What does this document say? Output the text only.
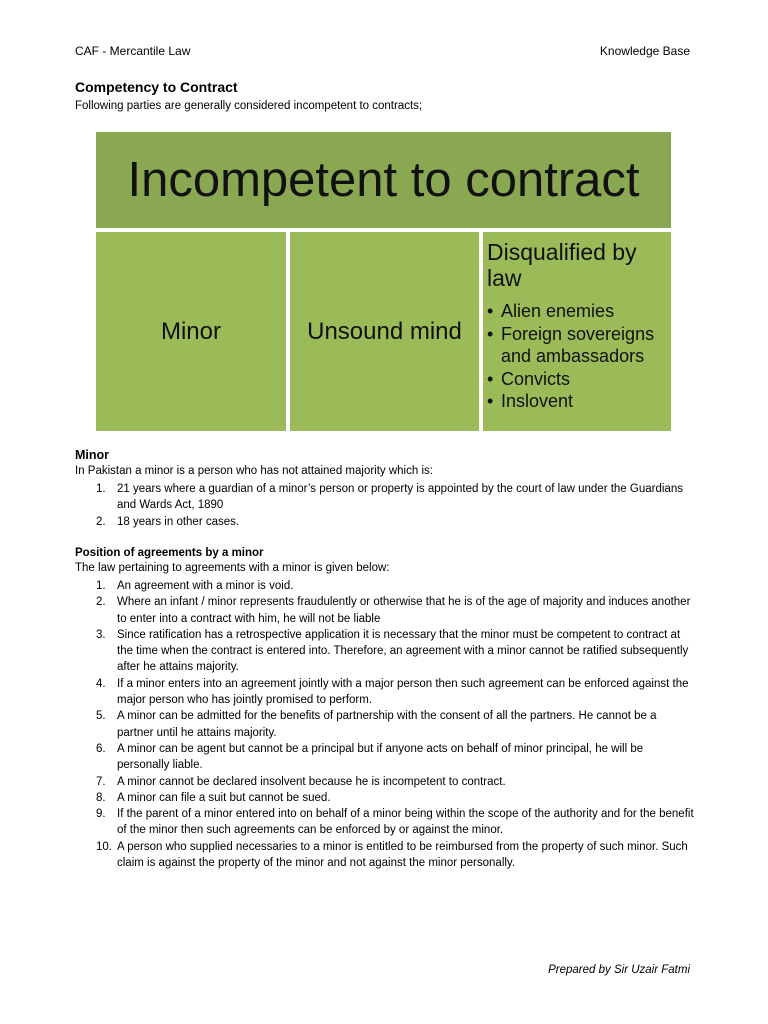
CAF - Mercantile Law	Knowledge Base
Competency to Contract
Following parties are generally considered incompetent to contracts;
Incompetent to contract
Minor	Unsound mind
Disqualified by law
• Alien enemies
• Foreign sovereigns and ambassadors
• Convicts
• Inslovent
Minor
In Pakistan a minor is a person who has not attained majority which is:
1. 21 years where a guardian of a minor’s person or property is appointed by the court of law under the Guardians and Wards Act, 1890
2. 18 years in other cases.
Position of agreements by a minor
The law pertaining to agreements with a minor is given below:
1. An agreement with a minor is void.
2. Where an infant / minor represents fraudulently or otherwise that he is of the age of majority and induces another to enter into a contract with him, he will not be liable
3. Since ratification has a retrospective application it is necessary that the minor must be competent to contract at the time when the contract is entered into. Therefore, an agreement with a minor cannot be ratified subsequently after he attains majority.
4. If a minor enters into an agreement jointly with a major person then such agreement can be enforced against the major person who has jointly promised to perform.
5. A minor can be admitted for the benefits of partnership with the consent of all the partners. He cannot be a partner until he attains majority.
6. A minor can be agent but cannot be a principal but if anyone acts on behalf of minor principal, he will be personally liable.
7. A minor cannot be declared insolvent because he is incompetent to contract.
8. A minor can file a suit but cannot be sued.
9. If the parent of a minor entered into on behalf of a minor being within the scope of the authority and for the benefit of the minor then such agreements can be enforced by or against the minor.
10. A person who supplied necessaries to a minor is entitled to be reimbursed from the property of such minor. Such claim is against the property of the minor and not against the minor personally.
Prepared by Sir Uzair Fatmi
